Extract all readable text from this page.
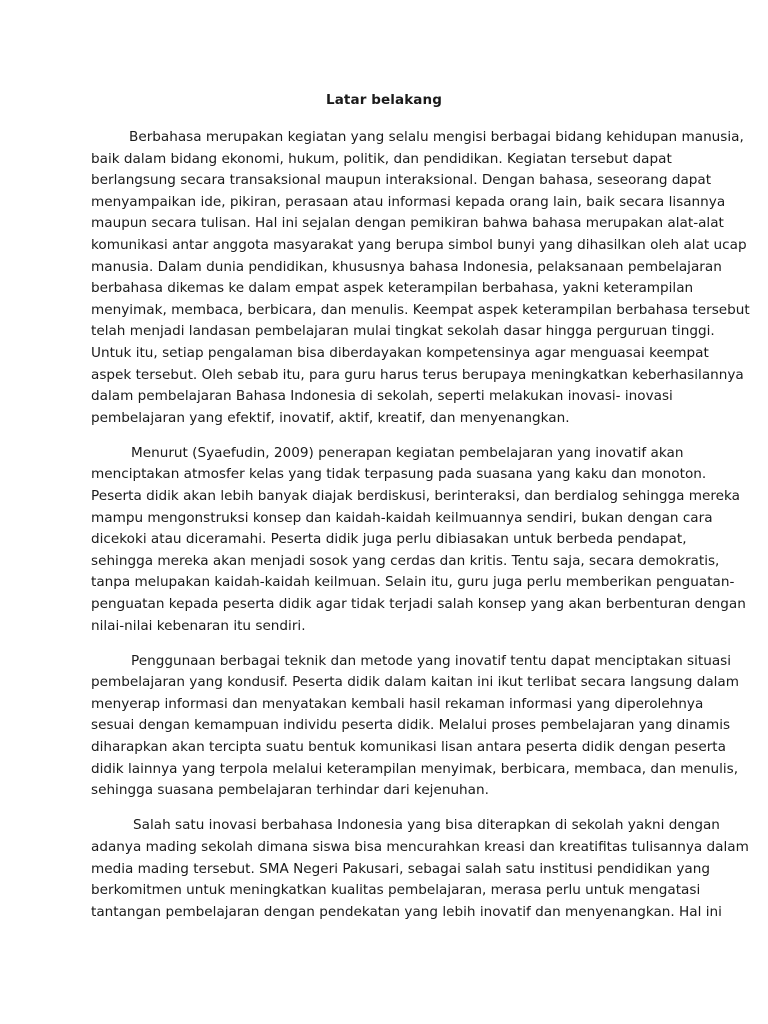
Latar belakang

Berbahasa merupakan kegiatan yang selalu mengisi berbagai bidang kehidupan manusia,
baik dalam bidang ekonomi, hukum, politik, dan pendidikan. Kegiatan tersebut dapat
berlangsung secara transaksional maupun interaksional. Dengan bahasa, seseorang dapat
menyampaikan ide, pikiran, perasaan atau informasi kepada orang lain, baik secara lisannya
maupun secara tulisan. Hal ini sejalan dengan pemikiran bahwa bahasa merupakan alat-alat
komunikasi antar anggota masyarakat yang berupa simbol bunyi yang dihasilkan oleh alat ucap
manusia. Dalam dunia pendidikan, khususnya bahasa Indonesia, pelaksanaan pembelajaran
berbahasa dikemas ke dalam empat aspek keterampilan berbahasa, yakni keterampilan
menyimak, membaca, berbicara, dan menulis. Keempat aspek keterampilan berbahasa tersebut
telah menjadi landasan pembelajaran mulai tingkat sekolah dasar hingga perguruan tinggi.
Untuk itu, setiap pengalaman bisa diberdayakan kompetensinya agar menguasai keempat
aspek tersebut. Oleh sebab itu, para guru harus terus berupaya meningkatkan keberhasilannya
dalam pembelajaran Bahasa Indonesia di sekolah, seperti melakukan inovasi- inovasi
pembelajaran yang efektif, inovatif, aktif, kreatif, dan menyenangkan.

Menurut (Syaefudin, 2009) penerapan kegiatan pembelajaran yang inovatif akan
menciptakan atmosfer kelas yang tidak terpasung pada suasana yang kaku dan monoton.
Peserta didik akan lebih banyak diajak berdiskusi, berinteraksi, dan berdialog sehingga mereka
mampu mengonstruksi konsep dan kaidah-kaidah keilmuannya sendiri, bukan dengan cara
dicekoki atau diceramahi. Peserta didik juga perlu dibiasakan untuk berbeda pendapat,
sehingga mereka akan menjadi sosok yang cerdas dan kritis. Tentu saja, secara demokratis,
tanpa melupakan kaidah-kaidah keilmuan. Selain itu, guru juga perlu memberikan penguatan-
penguatan kepada peserta didik agar tidak terjadi salah konsep yang akan berbenturan dengan
nilai-nilai kebenaran itu sendiri.

Penggunaan berbagai teknik dan metode yang inovatif tentu dapat menciptakan situasi
pembelajaran yang kondusif. Peserta didik dalam kaitan ini ikut terlibat secara langsung dalam
menyerap informasi dan menyatakan kembali hasil rekaman informasi yang diperolehnya
sesuai dengan kemampuan individu peserta didik. Melalui proses pembelajaran yang dinamis
diharapkan akan tercipta suatu bentuk komunikasi lisan antara peserta didik dengan peserta
didik lainnya yang terpola melalui keterampilan menyimak, berbicara, membaca, dan menulis,
sehingga suasana pembelajaran terhindar dari kejenuhan.

Salah satu inovasi berbahasa Indonesia yang bisa diterapkan di sekolah yakni dengan
adanya mading sekolah dimana siswa bisa mencurahkan kreasi dan kreatifitas tulisannya dalam
media mading tersebut. SMA Negeri Pakusari, sebagai salah satu institusi pendidikan yang
berkomitmen untuk meningkatkan kualitas pembelajaran, merasa perlu untuk mengatasi
tantangan pembelajaran dengan pendekatan yang lebih inovatif dan menyenangkan. Hal ini
